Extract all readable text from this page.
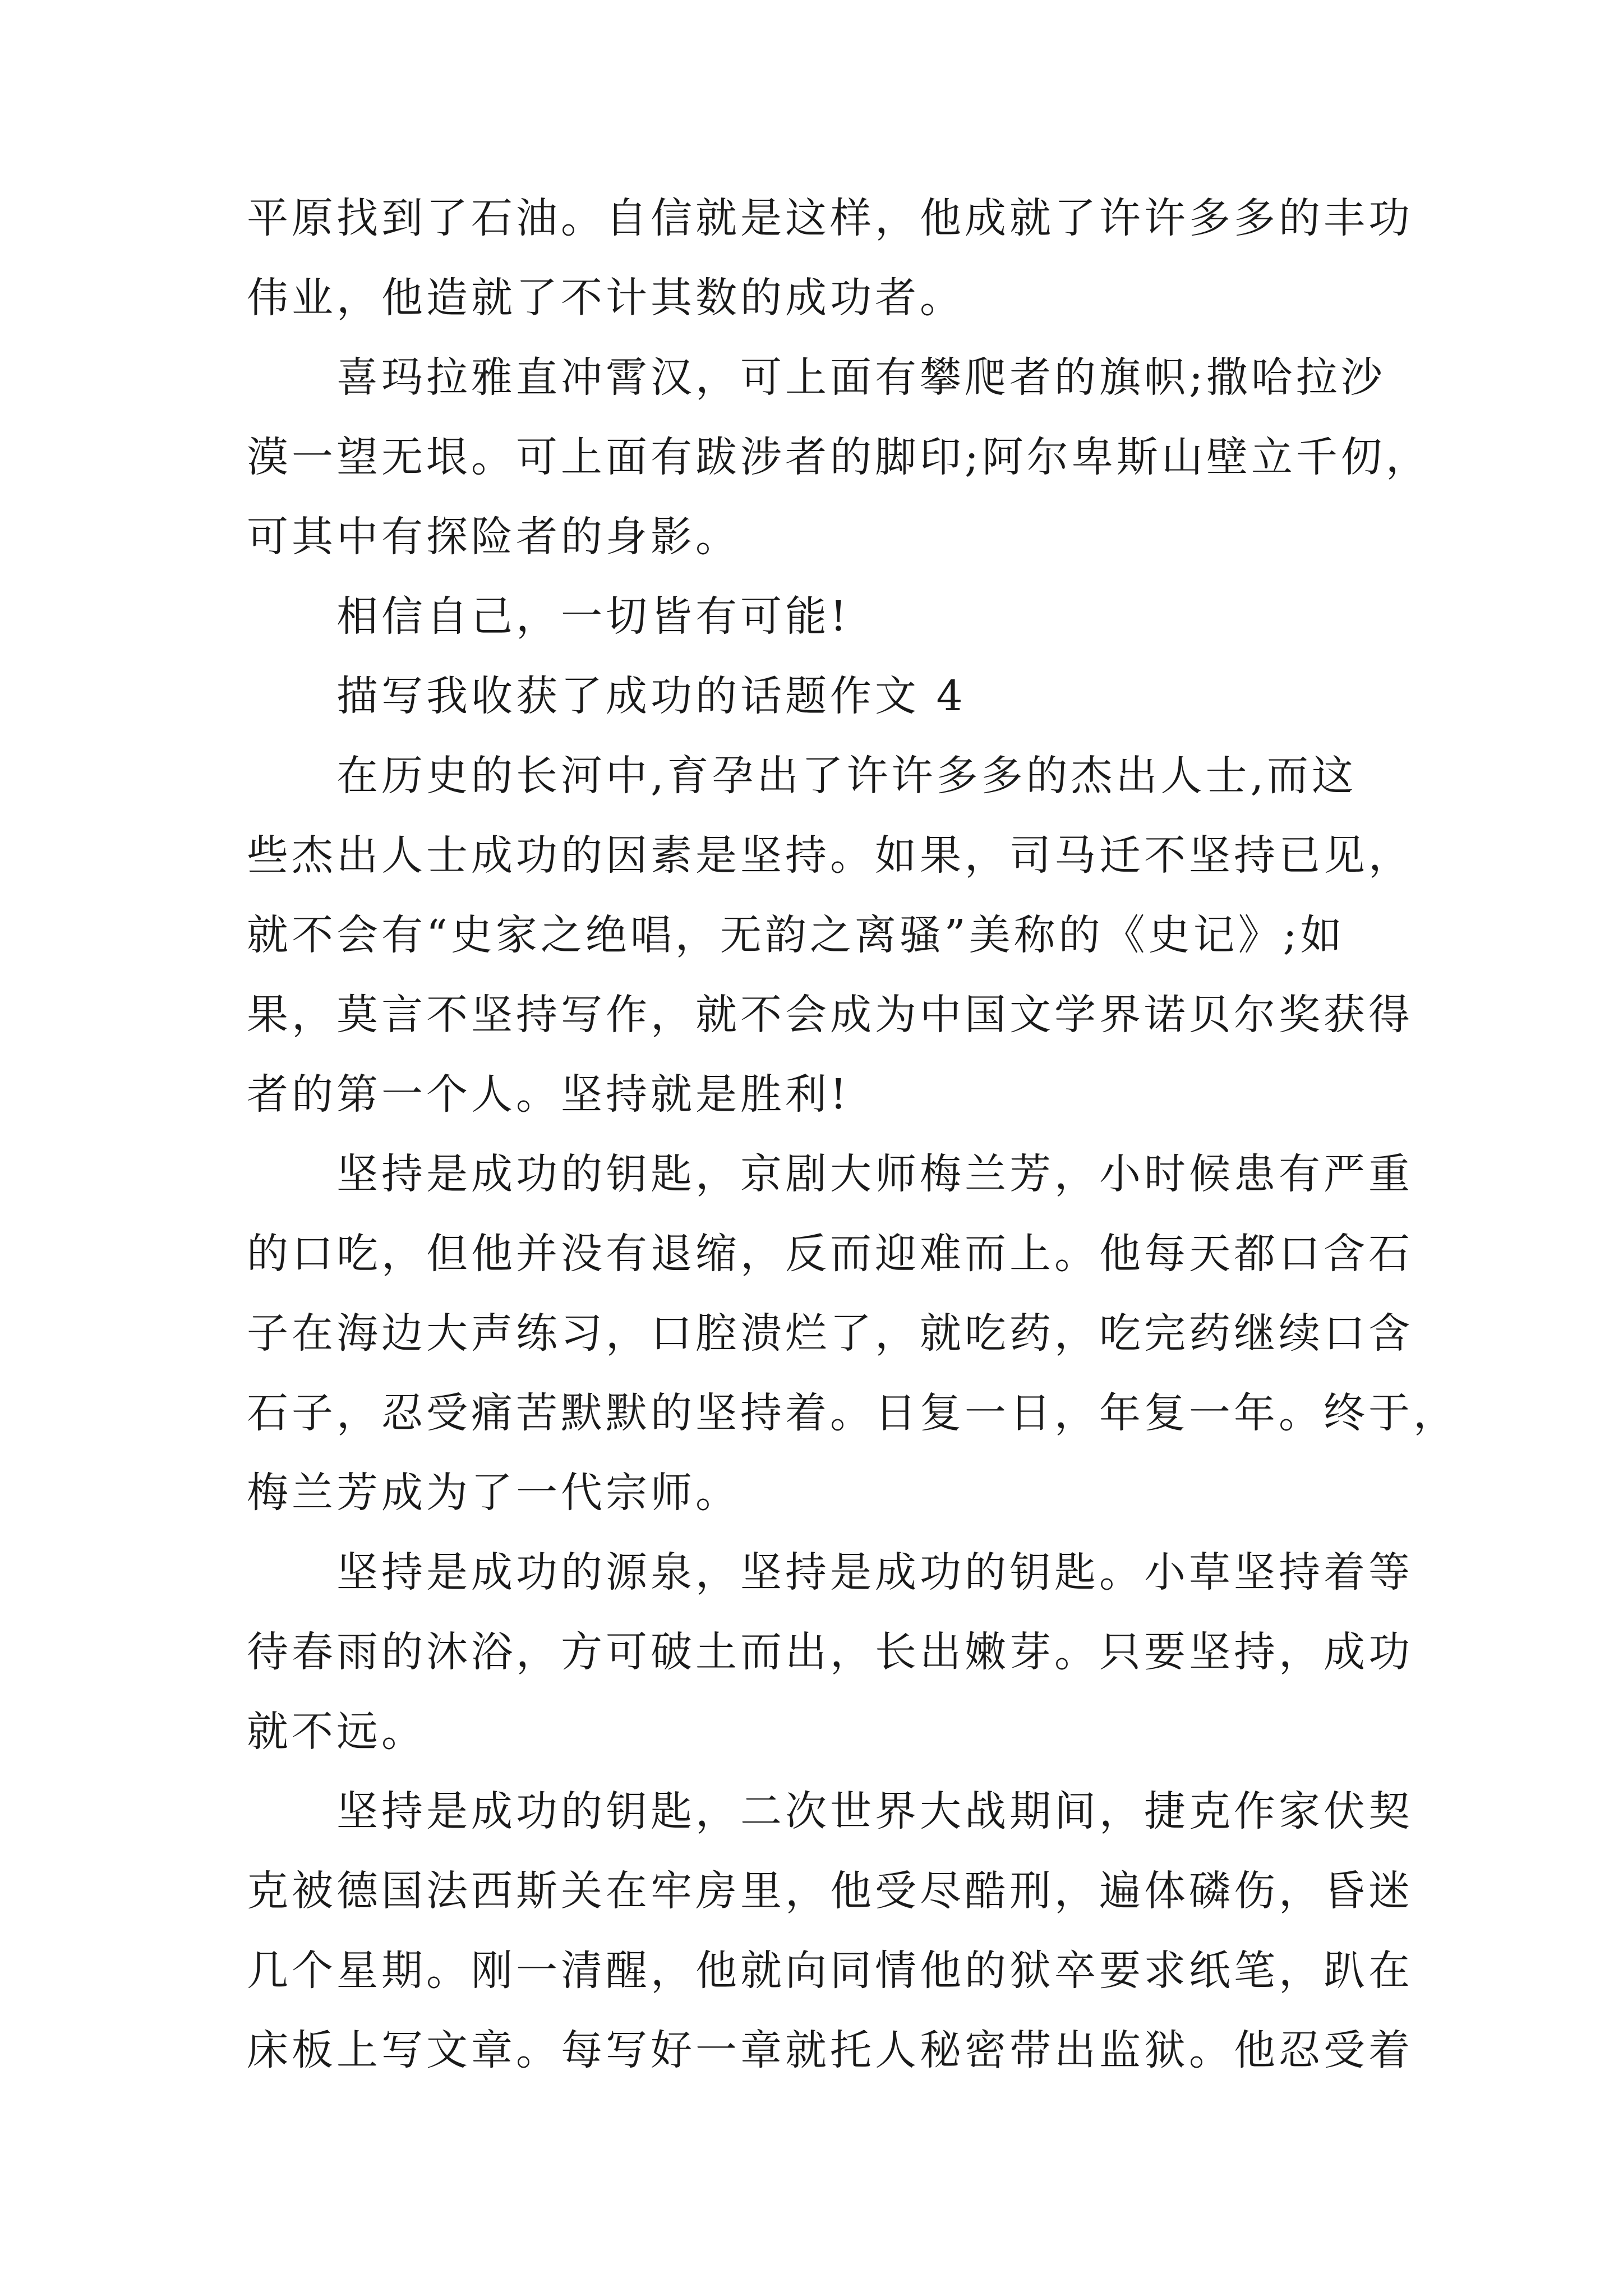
平原找到了石油。自信就是这样，他成就了许许多多的丰功
伟业，他造就了不计其数的成功者。
喜玛拉雅直冲霄汉，可上面有攀爬者的旗帜;撒哈拉沙
漠一望无垠。可上面有跋涉者的脚印;阿尔卑斯山壁立千仞，
可其中有探险者的身影。
相信自己，一切皆有可能!
描写我收获了成功的话题作文 4
在历史的长河中,育孕出了许许多多的杰出人士,而这
些杰出人士成功的因素是坚持。如果，司马迁不坚持已见，
就不会有“史家之绝唱，无韵之离骚”美称的《史记》;如
果，莫言不坚持写作，就不会成为中国文学界诺贝尔奖获得
者的第一个人。坚持就是胜利!
坚持是成功的钥匙，京剧大师梅兰芳，小时候患有严重
的口吃，但他并没有退缩，反而迎难而上。他每天都口含石
子在海边大声练习，口腔溃烂了，就吃药，吃完药继续口含
石子，忍受痛苦默默的坚持着。日复一日，年复一年。终于，
梅兰芳成为了一代宗师。
坚持是成功的源泉，坚持是成功的钥匙。小草坚持着等
待春雨的沐浴，方可破土而出，长出嫩芽。只要坚持，成功
就不远。
坚持是成功的钥匙，二次世界大战期间，捷克作家伏契
克被德国法西斯关在牢房里，他受尽酷刑，遍体磷伤，昏迷
几个星期。刚一清醒，他就向同情他的狱卒要求纸笔，趴在
床板上写文章。每写好一章就托人秘密带出监狱。他忍受着
